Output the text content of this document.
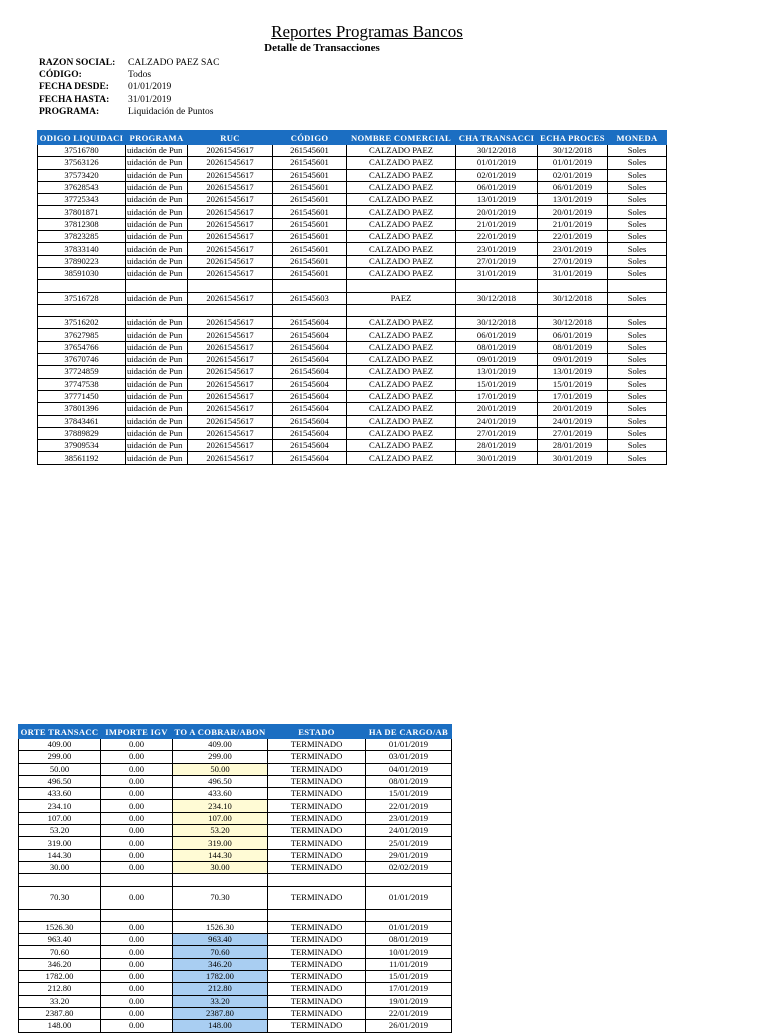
Reportes Programas Bancos
Detalle de Transacciones
RAZON SOCIAL:	CALZADO PAEZ SAC
CÓDIGO:	Todos
FECHA DESDE:	01/01/2019
FECHA HASTA:	31/01/2019
PROGRAMA:	Liquidación de Puntos
ODIGO LIQUIDACI	PROGRAMA	RUC	CÓDIGO	NOMBRE COMERCIAL	CHA TRANSACCI	ECHA PROCES	MONEDA
37516780	uidación de Pun	20261545617	261545601	CALZADO PAEZ	30/12/2018	30/12/2018	Soles
37563126	uidación de Pun	20261545617	261545601	CALZADO PAEZ	01/01/2019	01/01/2019	Soles
37573420	uidación de Pun	20261545617	261545601	CALZADO PAEZ	02/01/2019	02/01/2019	Soles
37628543	uidación de Pun	20261545617	261545601	CALZADO PAEZ	06/01/2019	06/01/2019	Soles
37725343	uidación de Pun	20261545617	261545601	CALZADO PAEZ	13/01/2019	13/01/2019	Soles
37801871	uidación de Pun	20261545617	261545601	CALZADO PAEZ	20/01/2019	20/01/2019	Soles
37812308	uidación de Pun	20261545617	261545601	CALZADO PAEZ	21/01/2019	21/01/2019	Soles
37823285	uidación de Pun	20261545617	261545601	CALZADO PAEZ	22/01/2019	22/01/2019	Soles
37833140	uidación de Pun	20261545617	261545601	CALZADO PAEZ	23/01/2019	23/01/2019	Soles
37890223	uidación de Pun	20261545617	261545601	CALZADO PAEZ	27/01/2019	27/01/2019	Soles
38591030	uidación de Pun	20261545617	261545601	CALZADO PAEZ	31/01/2019	31/01/2019	Soles

37516728	uidación de Pun	20261545617	261545603	PAEZ	30/12/2018	30/12/2018	Soles

37516202	uidación de Pun	20261545617	261545604	CALZADO PAEZ	30/12/2018	30/12/2018	Soles
37627985	uidación de Pun	20261545617	261545604	CALZADO PAEZ	06/01/2019	06/01/2019	Soles
37654766	uidación de Pun	20261545617	261545604	CALZADO PAEZ	08/01/2019	08/01/2019	Soles
37670746	uidación de Pun	20261545617	261545604	CALZADO PAEZ	09/01/2019	09/01/2019	Soles
37724859	uidación de Pun	20261545617	261545604	CALZADO PAEZ	13/01/2019	13/01/2019	Soles
37747538	uidación de Pun	20261545617	261545604	CALZADO PAEZ	15/01/2019	15/01/2019	Soles
37771450	uidación de Pun	20261545617	261545604	CALZADO PAEZ	17/01/2019	17/01/2019	Soles
37801396	uidación de Pun	20261545617	261545604	CALZADO PAEZ	20/01/2019	20/01/2019	Soles
37843461	uidación de Pun	20261545617	261545604	CALZADO PAEZ	24/01/2019	24/01/2019	Soles
37889829	uidación de Pun	20261545617	261545604	CALZADO PAEZ	27/01/2019	27/01/2019	Soles
37909534	uidación de Pun	20261545617	261545604	CALZADO PAEZ	28/01/2019	28/01/2019	Soles
38561192	uidación de Pun	20261545617	261545604	CALZADO PAEZ	30/01/2019	30/01/2019	Soles
ORTE TRANSACC	IMPORTE IGV	TO A COBRAR/ABON	ESTADO	HA DE CARGO/AB
409.00	0.00	409.00	TERMINADO	01/01/2019
299.00	0.00	299.00	TERMINADO	03/01/2019
50.00	0.00	50.00	TERMINADO	04/01/2019
496.50	0.00	496.50	TERMINADO	08/01/2019
433.60	0.00	433.60	TERMINADO	15/01/2019
234.10	0.00	234.10	TERMINADO	22/01/2019
107.00	0.00	107.00	TERMINADO	23/01/2019
53.20	0.00	53.20	TERMINADO	24/01/2019
319.00	0.00	319.00	TERMINADO	25/01/2019
144.30	0.00	144.30	TERMINADO	29/01/2019
30.00	0.00	30.00	TERMINADO	02/02/2019

70.30	0.00	70.30	TERMINADO	01/01/2019

1526.30	0.00	1526.30	TERMINADO	01/01/2019
963.40	0.00	963.40	TERMINADO	08/01/2019
70.60	0.00	70.60	TERMINADO	10/01/2019
346.20	0.00	346.20	TERMINADO	11/01/2019
1782.00	0.00	1782.00	TERMINADO	15/01/2019
212.80	0.00	212.80	TERMINADO	17/01/2019
33.20	0.00	33.20	TERMINADO	19/01/2019
2387.80	0.00	2387.80	TERMINADO	22/01/2019
148.00	0.00	148.00	TERMINADO	26/01/2019
